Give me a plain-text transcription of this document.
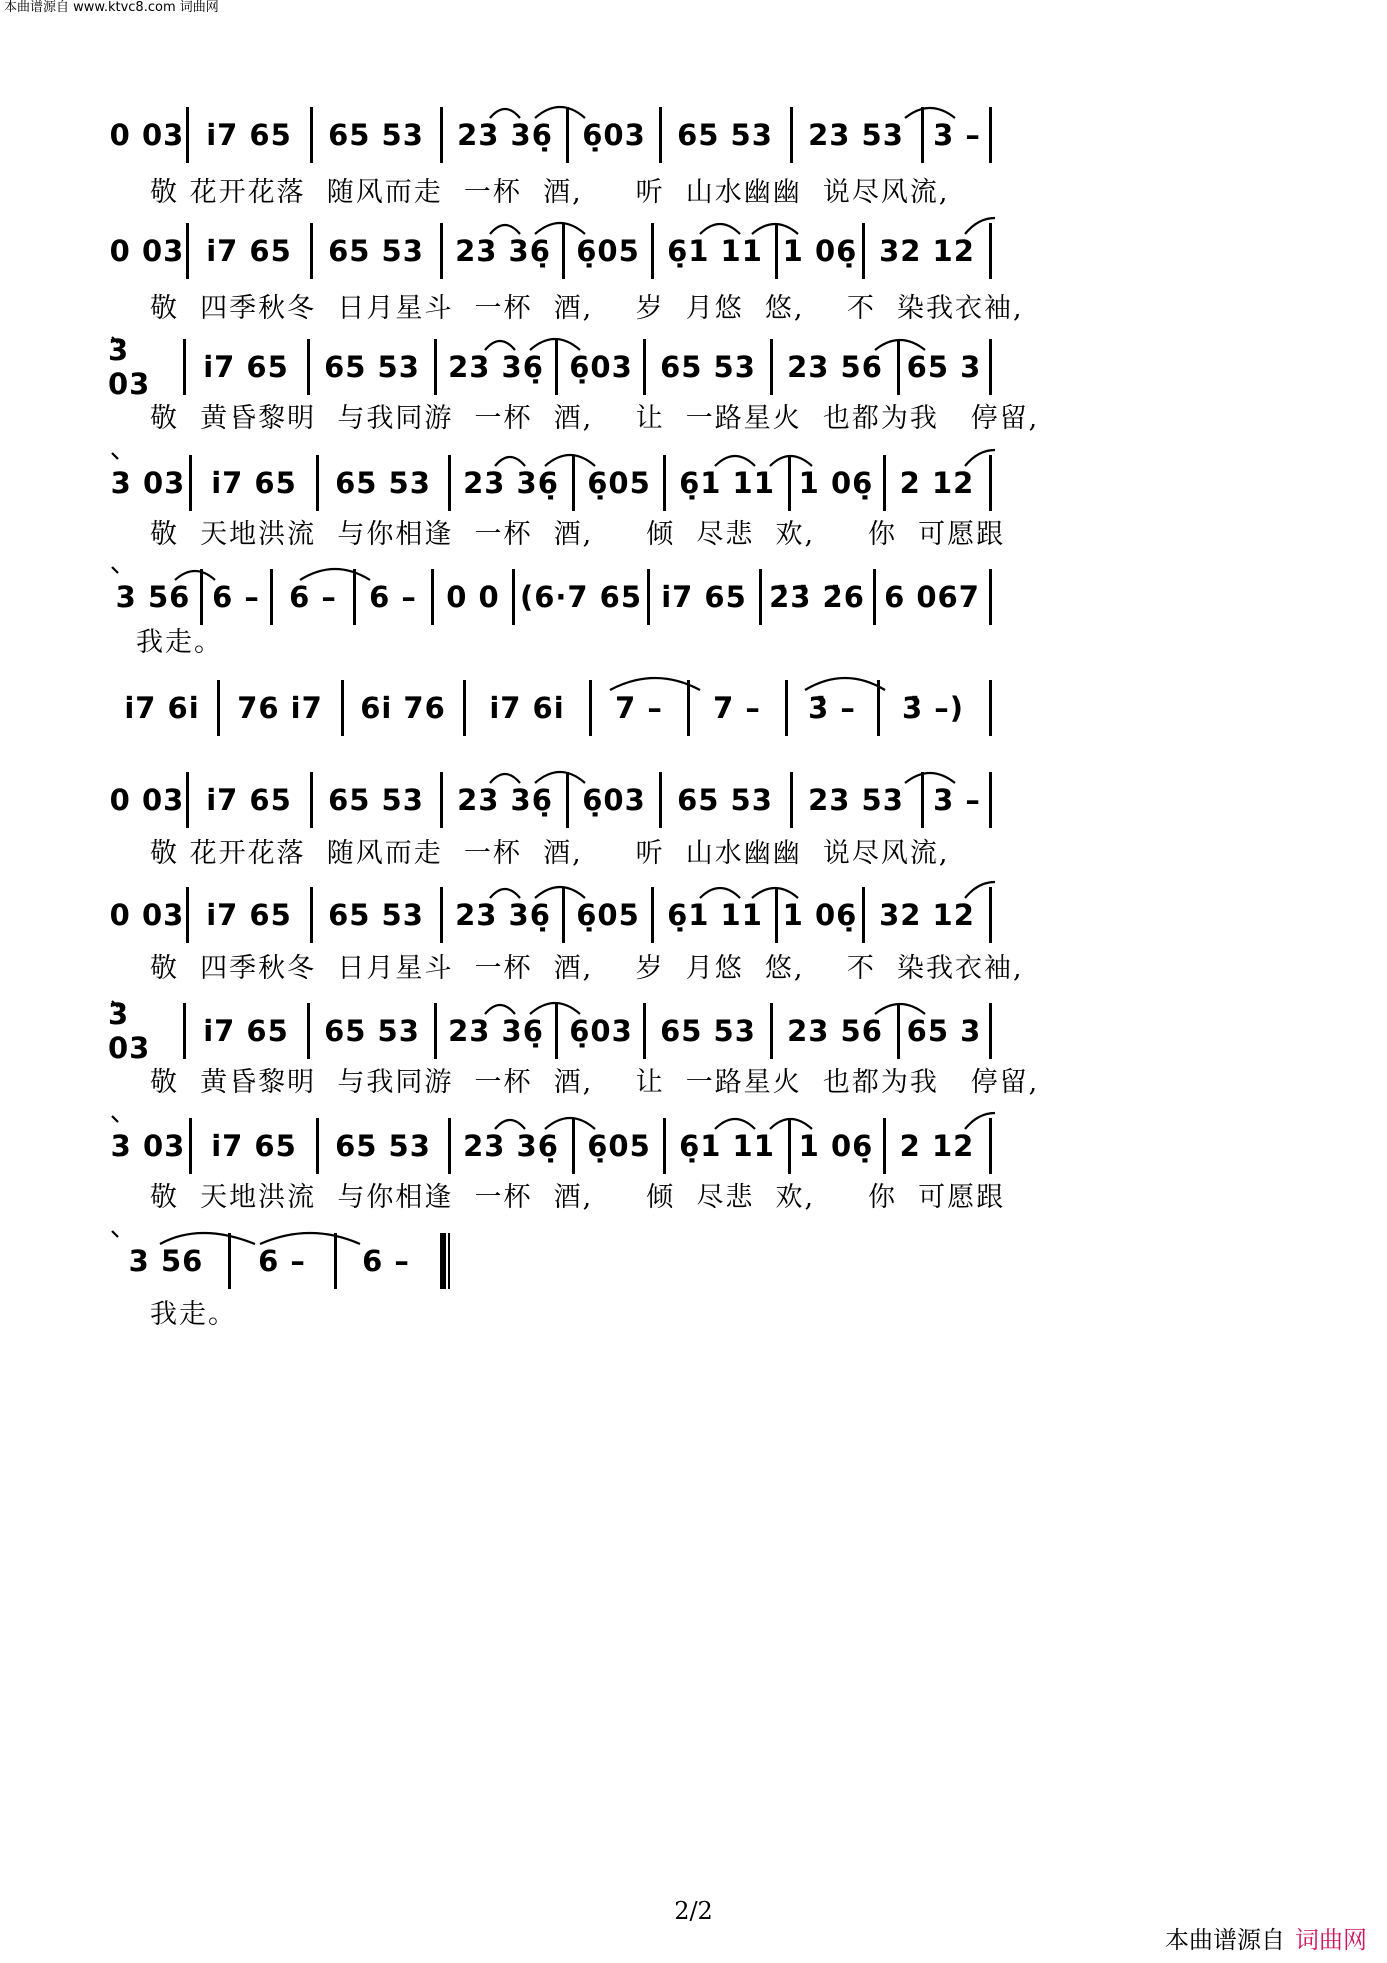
本曲谱源自 www.ktvc8.com 词曲网
0 03 i̇7 65	65 53	23 36̣	6̣03	65 53	23 53	3 –
敬 花开花落  随风而走  一杯  酒,     听  山水幽幽  说尽风流,
0 03 i̇7 65	65 53	23 36̣ 6̣05 6̣1 11 1 06̣ 32 12
敬  四季秋冬  日月星斗  一杯  酒,    岁  月悠  悠,    不  染我衣袖,
3 03	i̇7 65	65 53 23 36̣ 6̣03 65 53	23 56 65 3
敬  黄昏黎明  与我同游  一杯  酒,    让  一路星火  也都为我   停留,
3 03 i̇7 65	65 53	23 36̣ 6̣05 6̣1 11 1 06̣ 2 12
敬  天地洪流  与你相逢  一杯  酒,     倾  尽悲  欢,     你  可愿跟
3 56 6 –	6 –	6 –	0 0 (6·7 65 i̇7 65 2̇3̇ 2̇6 6 067
我走。
i̇7 6i̇	76 i̇7	6i̇ 76	i̇7 6i̇	7 –	7 –	3̇ –	3̇ –)
0 03 i̇7 65	65 53	23 36̣	6̣03	65 53	23 53	3 –
敬 花开花落  随风而走  一杯  酒,     听  山水幽幽  说尽风流,
0 03 i̇7 65	65 53	23 36̣ 6̣05 6̣1 11 1 06̣ 32 12
敬  四季秋冬  日月星斗  一杯  酒,    岁  月悠  悠,    不  染我衣袖,
3 03	i̇7 65	65 53 23 36̣ 6̣03 65 53	23 56 65 3
敬  黄昏黎明  与我同游  一杯  酒,    让  一路星火  也都为我   停留,
3 03 i̇7 65	65 53	23 36̣ 6̣05 6̣1 11 1 06̣ 2 12
敬  天地洪流  与你相逢  一杯  酒,     倾  尽悲  欢,     你  可愿跟
3 56	6 –	6 –
我走。
2/2
本曲谱源自 词曲网
